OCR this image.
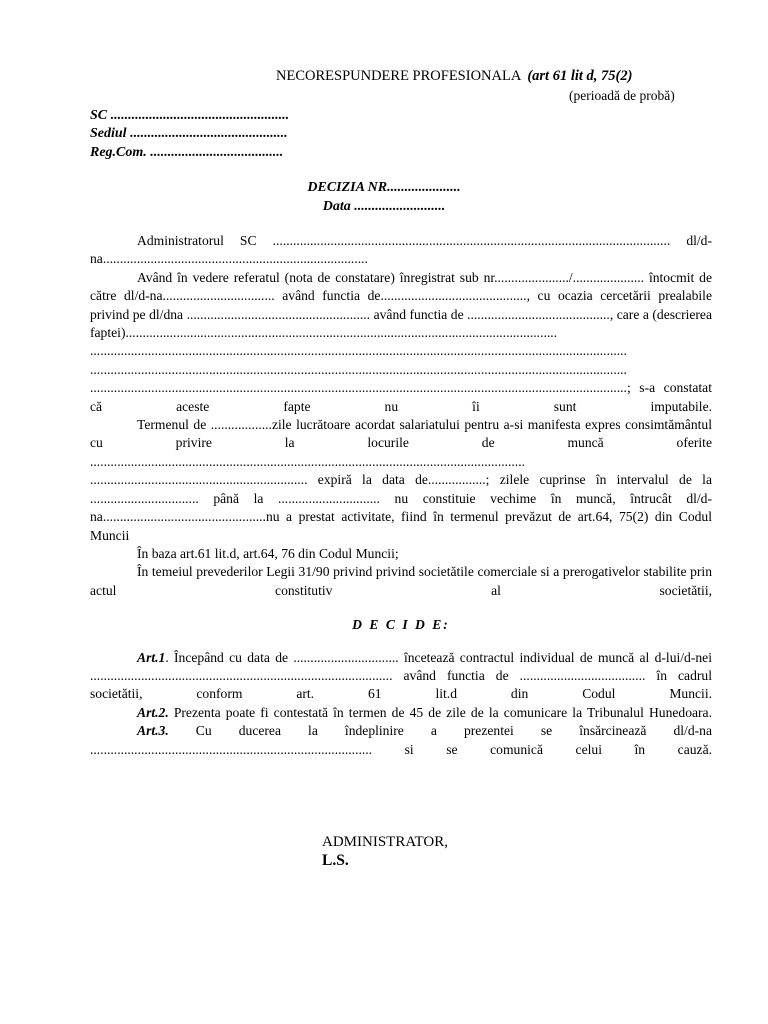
NECORESPUNDERE PROFESIONALA (art 61 lit d, 75(2)
(perioadă de probă)
SC ...................................................
Sediul .............................................
Reg.Com. ......................................
DECIZIA NR.....................
Data ..........................

Administratorul SC ..................................................................................................................... dl/d-na..............................................................................

Având în vedere referatul (nota de constatare) înregistrat sub nr....................../..................... întocmit de către dl/d-na................................. având functia de..........................................., cu ocazia cercetării prealabile privind pe dl/dna ...................................................... având functia de .........................................., care a (descrierea faptei)............................................................................................................................... .............................................................................................................................................................. .............................................................................................................................................................. ..............................................................................................................................................................; s-a constatat că aceste fapte nu îi sunt imputabile.

Termenul de ..................zile lucrătoare acordat salariatului pentru a-si manifesta expres consimtământul cu privire la locurile de muncă oferite ................................................................................................................................ ................................................................ expiră la data de.................; zilele cuprinse în intervalul de la ................................ până la .............................. nu constituie vechime în muncă, întrucât dl/d-na................................................nu a prestat activitate, fiind în termenul prevăzut de art.64, 75(2) din Codul Muncii

În baza art.61 lit.d, art.64, 76 din Codul Muncii;

În temeiul prevederilor Legii 31/90 privind privind societătile comerciale si a prerogativelor stabilite prin actul constitutiv al societătii,

D E C I D E:

Art.1. Începând cu data de ............................... încetează contractul individual de muncă al d-lui/d-nei ......................................................................................... având functia de ..................................... în cadrul societătii, conform art. 61 lit.d din Codul Muncii.

Art.2. Prezenta poate fi contestată în termen de 45 de zile de la comunicare la Tribunalul Hunedoara.

Art.3. Cu ducerea la îndeplinire a prezentei se însărcinează dl/d-na ................................................................................... si se comunică celui în cauză.

ADMINISTRATOR,
L.S.
